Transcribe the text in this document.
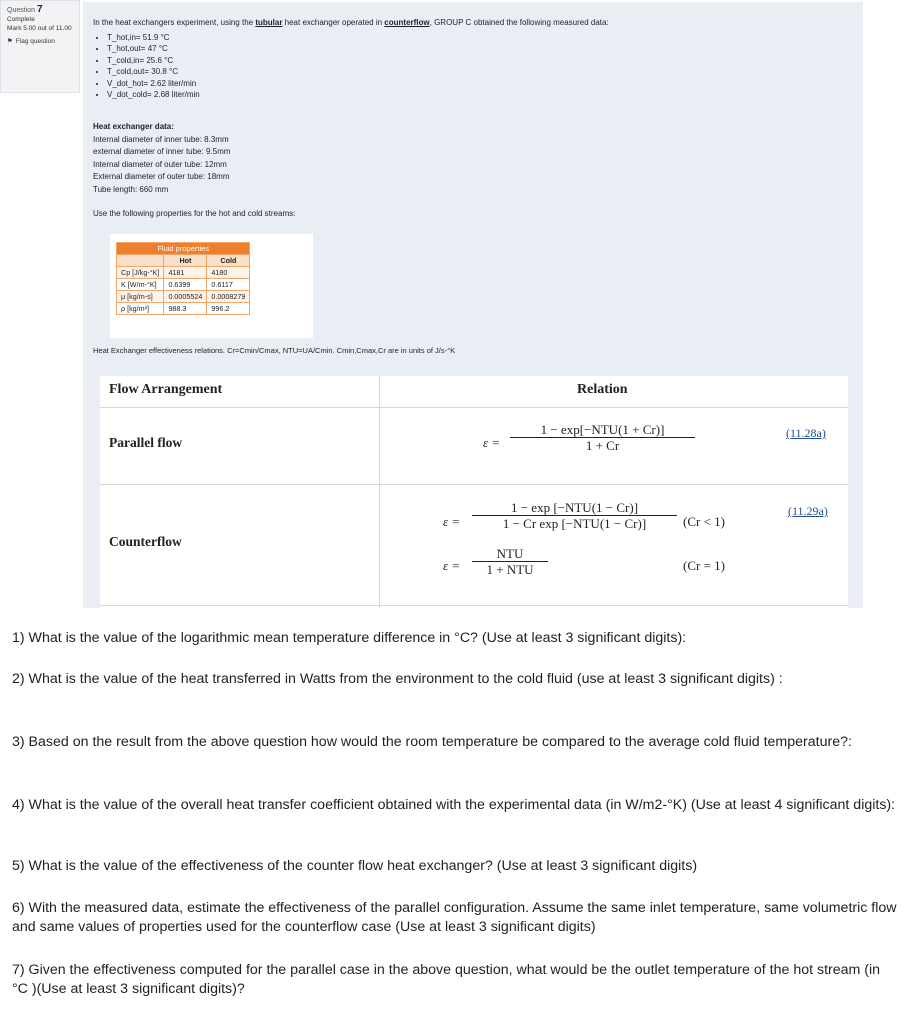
Question 7
Complete
Mark 5.00 out of 11.00
⚑ Flag question
In the heat exchangers experiment, using the tubular heat exchanger operated in counterflow, GROUP C obtained the following measured data:
• T_hot,in= 51.9 °C
• T_hot,out= 47 °C
• T_cold,in= 25.6 °C
• T_cold,out= 30.8 °C
• V_dot_hot= 2.62 liter/min
• V_dot_cold= 2.68 liter/min
Heat exchanger data:
Internal diameter of inner tube: 8.3mm
external diameter of inner tube: 9.5mm
Internal diameter of outer tube: 12mm
External diameter of outer tube: 18mm
Tube length: 660 mm
Use the following properties for the hot and cold streams:
Fluid properties		
	Hot	Cold
Cp [J/kg-°K]	4181	4180
K [W/m-°K]	0.6399	0.6117
μ [kg/m-s]	0.0005524	0.0008279
ρ [kg/m³]	988.3	996.2
Heat Exchanger effectiveness relations. Cr=Cmin/Cmax, NTU=UA/Cmin. Cmin,Cmax,Cr are in units of J/s-°K
Flow Arrangement	Relation
Parallel flow	ε =
1 − exp[−NTU(1 + Cr)]
1 + Cr
(11.28a)
Counterflow
ε =
1 − exp [−NTU(1 − Cr)]
1 − Cr exp [−NTU(1 − Cr)]	(Cr < 1)
(11.29a)
ε =
NTU
1 + NTU	(Cr = 1)
1) What is the value of the logarithmic mean temperature difference in °C? (Use at least 3 significant digits):
2) What is the value of the heat transferred in Watts from the environment to the cold fluid (use at least 3 significant digits) :
3) Based on the result from the above question how would the room temperature be compared to the average cold fluid temperature?:
4) What is the value of the overall heat transfer coefficient obtained with the experimental data (in W/m2-°K) (Use at least 4 significant digits):
5) What is the value of the effectiveness of the counter flow heat exchanger? (Use at least 3 significant digits)
6) With the measured data, estimate the effectiveness of the parallel configuration. Assume the same inlet temperature, same volumetric flow and same values of properties used for the counterflow case (Use at least 3 significant digits)
7) Given the effectiveness computed for the parallel case in the above question, what would be the outlet temperature of the hot stream (in °C )(Use at least 3 significant digits)?
